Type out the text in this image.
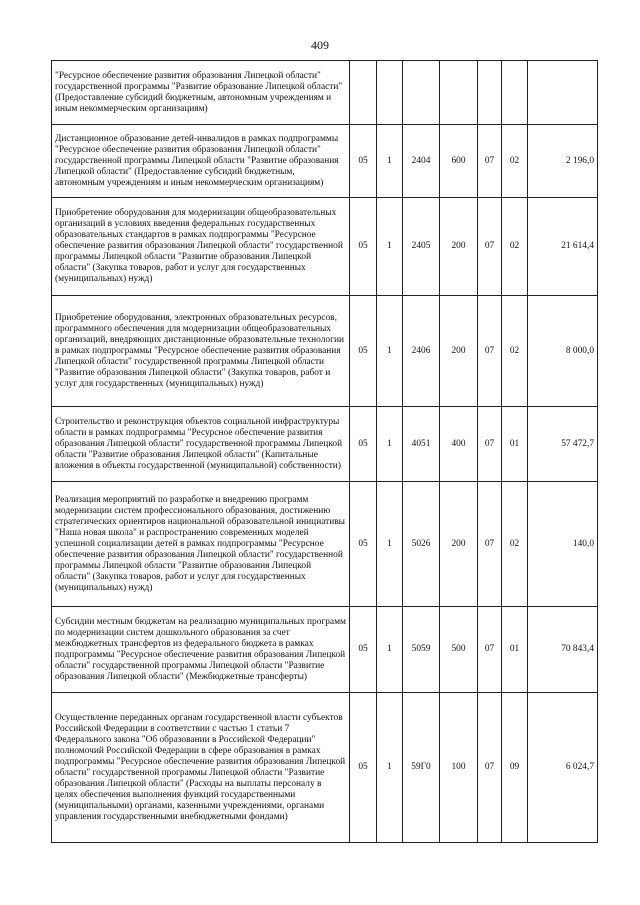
409
"Ресурсное обеспечение развития образования Липецкой области" государственной программы "Развитие образование Липецкой области" (Предоставление субсидий бюджетным, автономным учреждениям и иным некоммерческим организациям)							
Дистанционное образование детей-инвалидов в рамках подпрограммы "Ресурсное обеспечение развития образования Липецкой области" государственной программы Липецкой области "Развитие образования Липецкой области" (Предоставление субсидий бюджетным, автономным учреждениям и иным некоммерческим организациям)	05	1	2404	600	07	02	2 196,0
Приобретение оборудования для модернизации общеобразовательных организаций в условиях введения федеральных государственных образовательных стандартов в рамках подпрограммы "Ресурсное обеспечение развития образования Липецкой области" государственной программы Липецкой области "Развитие образования Липецкой области" (Закупка товаров, работ и услуг для государственных (муниципальных) нужд)	05	1	2405	200	07	02	21 614,4
Приобретение оборудования, электронных образовательных ресурсов, программного обеспечения для модернизации общеобразовательных организаций, внедряющих дистанционные образовательные технологии в рамках подпрограммы "Ресурсное обеспечение развития образования Липецкой области" государственной программы Липецкой области "Развитие образования Липецкой области" (Закупка товаров, работ и услуг для государственных (муниципальных) нужд)	05	1	2406	200	07	02	8 000,0
Строительство и реконструкция объектов социальной инфраструктуры области в рамках подпрограммы "Ресурсное обеспечение развития образования Липецкой области" государственной программы Липецкой области "Развитие образования Липецкой области" (Капитальные вложения в объекты государственной (муниципальной) собственности)	05	1	4051	400	07	01	57 472,7
Реализация мероприятий по разработке и внедрению программ модернизации систем профессионального образования, достижению стратегических ориентиров национальной образовательной инициативы "Наша новая школа" и распространению современных моделей успешной социализации детей в рамках подпрограммы "Ресурсное обеспечение развития образования Липецкой области" государственной программы Липецкой области "Развитие образования Липецкой области" (Закупка товаров, работ и услуг для государственных (муниципальных) нужд)	05	1	5026	200	07	02	140,0
Субсидии местным бюджетам на реализацию муниципальных программ по модернизации систем дошкольного образования за счет межбюджетных трансфертов из федерального бюджета в рамках подпрограммы "Ресурсное обеспечение развития образования Липецкой области" государственной программы Липецкой области "Развитие образования Липецкой области" (Межбюджетные трансферты)	05	1	5059	500	07	01	70 843,4
Осуществление переданных органам государственной власти субъектов Российской Федерации в соответствии с частью 1 статьи 7 Федерального закона "Об образовании в Российской Федерации" полномочий Российской Федерации в сфере образования в рамках подпрограммы "Ресурсное обеспечение развития образования Липецкой области" государственной программы Липецкой области "Развитие образования Липецкой области" (Расходы на выплаты персоналу в целях обеспечения выполнения функций государственными (муниципальными) органами, казенными учреждениями, органами управления государственными внебюджетными фондами)	05	1	59Г0	100	07	09	6 024,7
